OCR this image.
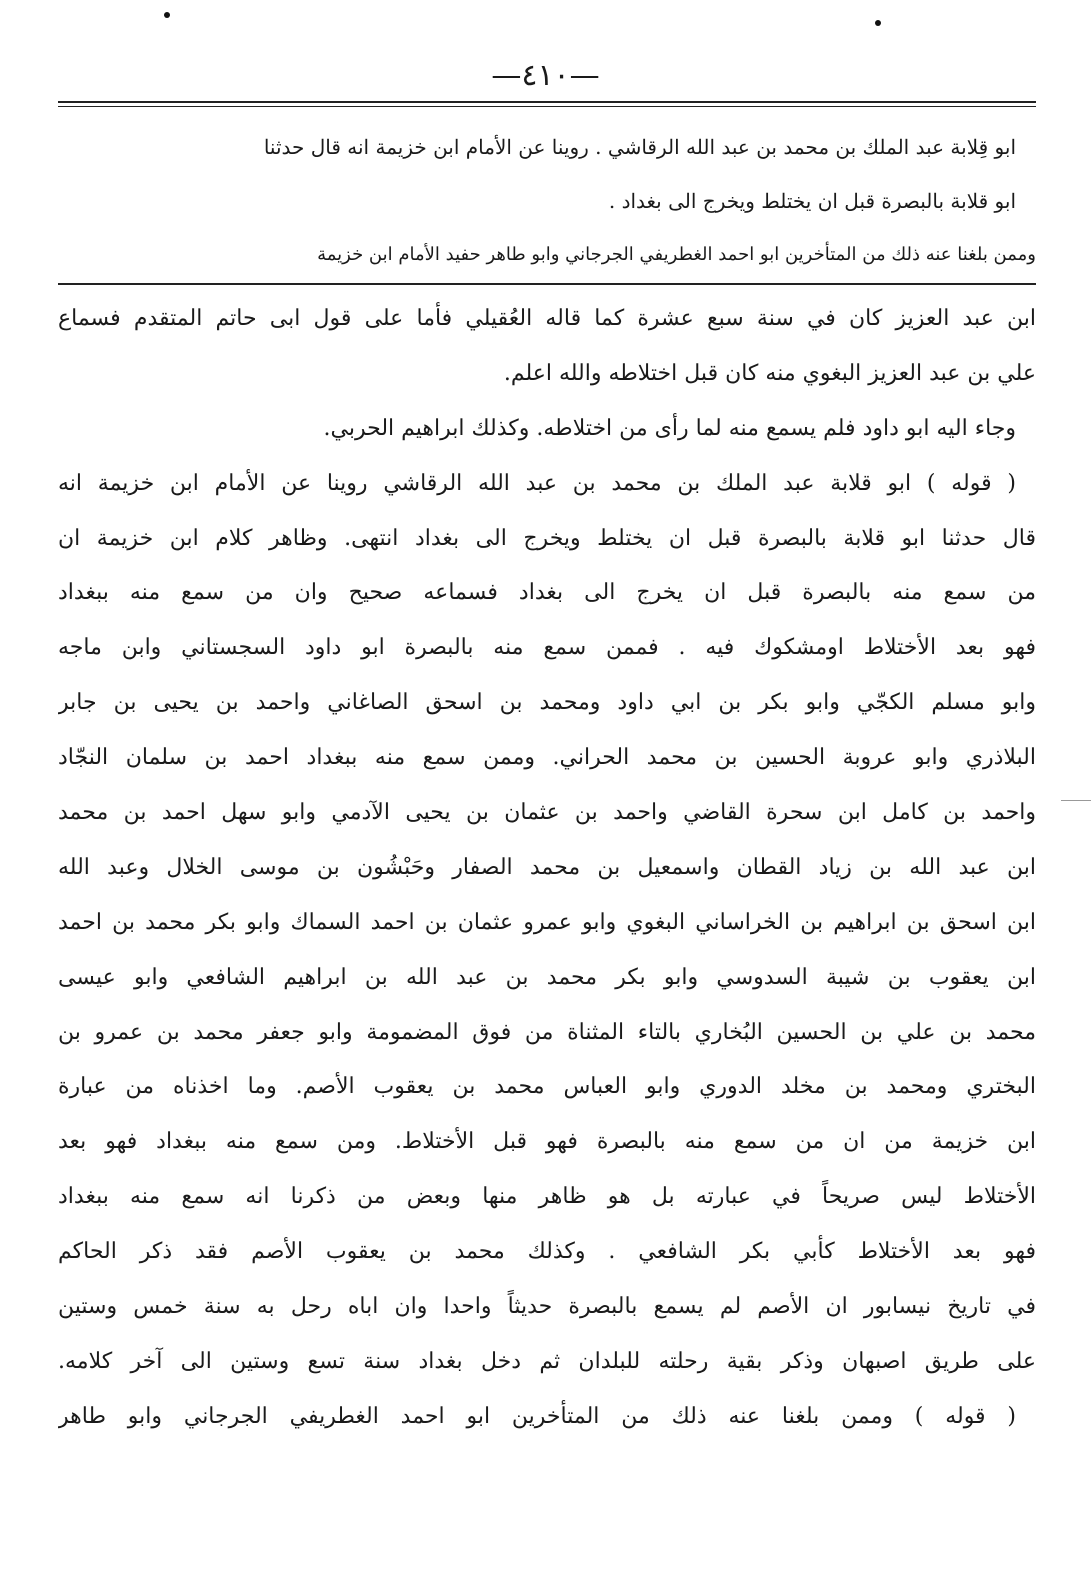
—٤١٠—
ابو قِلابة عبد الملك بن محمد بن عبد الله الرقاشي . روينا عن الأمام ابن خزيمة انه قال حدثنا
ابو قلابة بالبصرة قبل ان يختلط ويخرج الى بغداد .
وممن بلغنا عنه ذلك من المتأخرين ابو احمد الغطريفي الجرجاني وابو طاهر حفيد الأمام ابن خزيمة
ابن عبد العزيز كان في سنة سبع عشرة كما قاله العُقيلي فأما على قول ابى حاتم المتقدم فسماع
علي بن عبد العزيز البغوي منه كان قبل اختلاطه والله اعلم.
وجاء اليه ابو داود فلم يسمع منه لما رأى من اختلاطه. وكذلك ابراهيم الحربي.
( قوله ) ابو قلابة عبد الملك بن محمد بن عبد الله الرقاشي روينا عن الأمام ابن خزيمة انه
قال حدثنا ابو قلابة بالبصرة قبل ان يختلط ويخرج الى بغداد انتهى. وظاهر كلام ابن خزيمة ان
من سمع منه بالبصرة قبل ان يخرج الى بغداد فسماعه صحيح وان من سمع منه ببغداد
فهو بعد الأختلاط اومشكوك فيه . فممن سمع منه بالبصرة ابو داود السجستاني وابن ماجه
وابو مسلم الكجّي وابو بكر بن ابي داود ومحمد بن اسحق الصاغاني واحمد بن يحيى بن جابر
البلاذري وابو عروبة الحسين بن محمد الحراني. وممن سمع منه ببغداد احمد بن سلمان النجّاد
واحمد بن كامل ابن سحرة القاضي واحمد بن عثمان بن يحيى الآدمي وابو سهل احمد بن محمد
ابن عبد الله بن زياد القطان واسمعيل بن محمد الصفار وحَبْشُون بن موسى الخلال وعبد الله
ابن اسحق بن ابراهيم بن الخراساني البغوي وابو عمرو عثمان بن احمد السماك وابو بكر محمد بن احمد
ابن يعقوب بن شيبة السدوسي وابو بكر محمد بن عبد الله بن ابراهيم الشافعي وابو عيسى
محمد بن علي بن الحسين البُخاري بالتاء المثناة من فوق المضمومة وابو جعفر محمد بن عمرو بن
البختري ومحمد بن مخلد الدوري وابو العباس محمد بن يعقوب الأصم. وما اخذناه من عبارة
ابن خزيمة من ان من سمع منه بالبصرة فهو قبل الأختلاط. ومن سمع منه ببغداد فهو بعد
الأختلاط ليس صريحاً في عبارته بل هو ظاهر منها وبعض من ذكرنا انه سمع منه ببغداد
فهو بعد الأختلاط كأبي بكر الشافعي . وكذلك محمد بن يعقوب الأصم فقد ذكر الحاكم
في تاريخ نيسابور ان الأصم لم يسمع بالبصرة حديثاً واحدا وان اباه رحل به سنة خمس وستين
على طريق اصبهان وذكر بقية رحلته للبلدان ثم دخل بغداد سنة تسع وستين الى آخر كلامه.
( قوله ) وممن بلغنا عنه ذلك من المتأخرين ابو احمد الغطريفي الجرجاني وابو طاهر
